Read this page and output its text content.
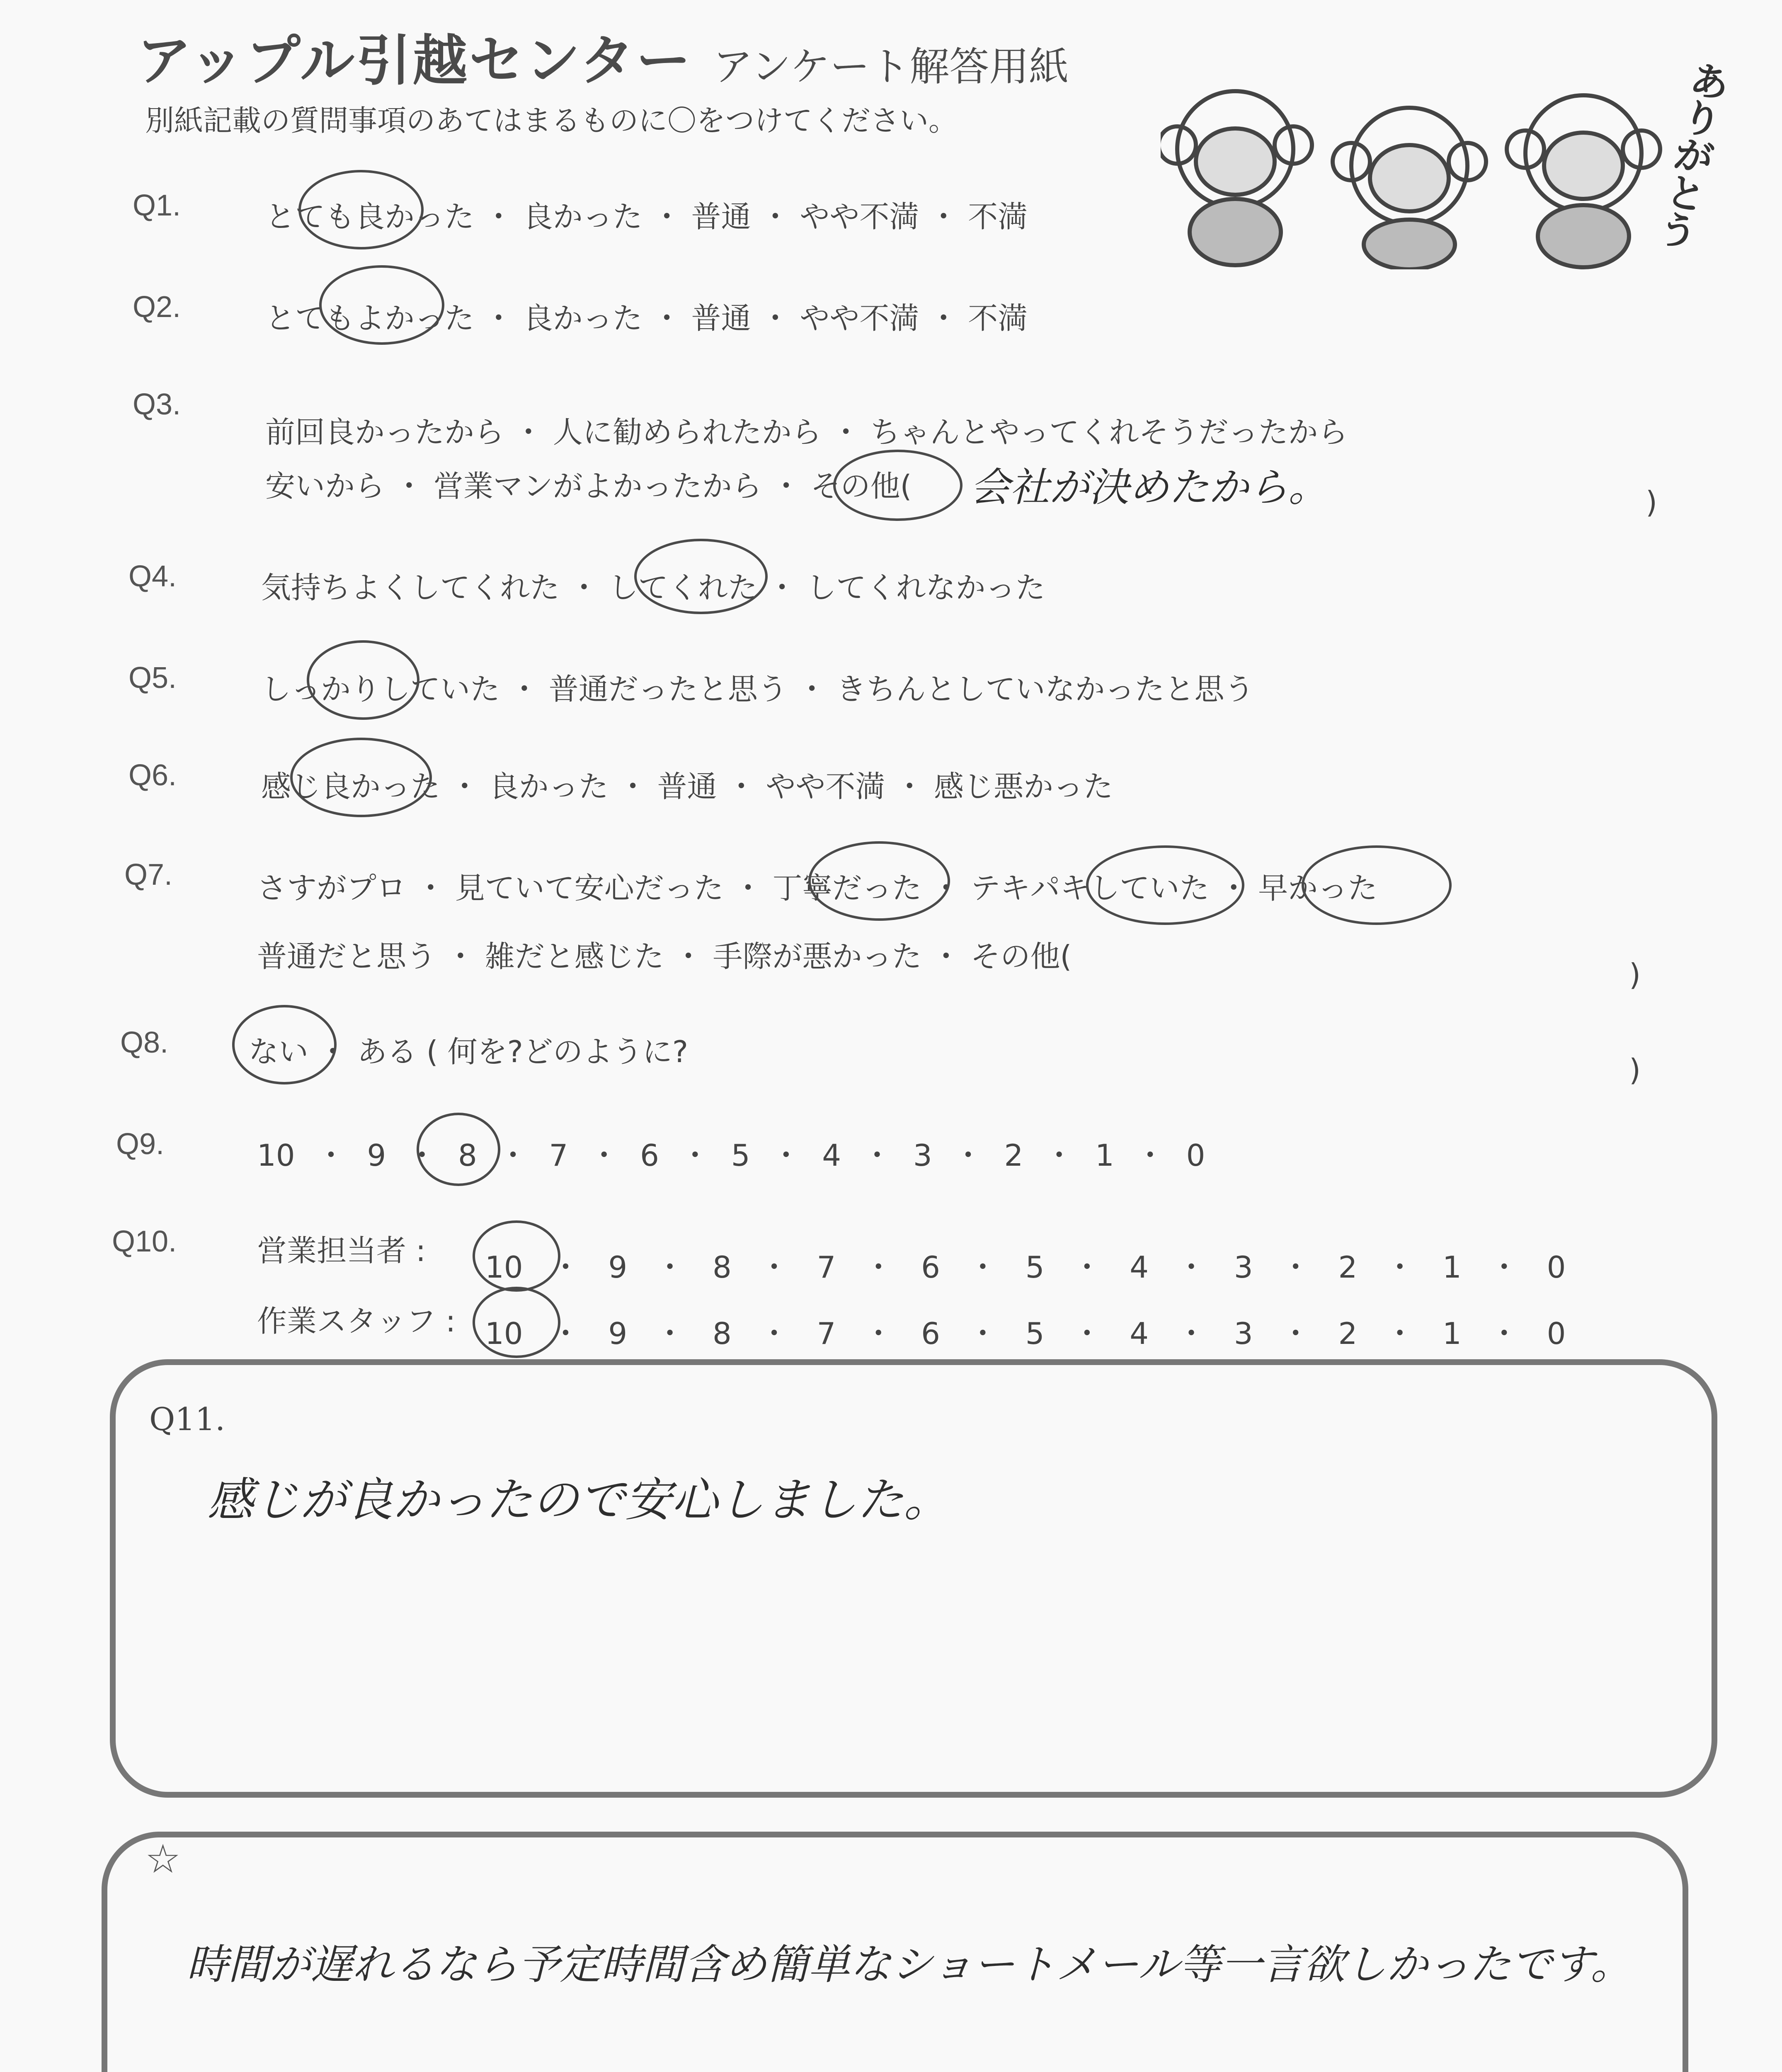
アップル引越センター アンケート解答用紙
別紙記載の質問事項のあてはまるものに〇をつけてください。
ありがとう
Q1.	とても良かった ・ 良かった ・ 普通 ・ やや不満 ・ 不満
Q2.	とてもよかった ・ 良かった ・ 普通 ・ やや不満 ・ 不満
Q3.
前回良かったから ・ 人に勧められたから ・ ちゃんとやってくれそうだったから
安いから ・ 営業マンがよかったから ・ その他( 会社が決めたから。	)
Q4.	気持ちよくしてくれた ・ してくれた ・ してくれなかった
Q5.	しっかりしていた ・ 普通だったと思う ・ きちんとしていなかったと思う
Q6.	感じ良かった ・ 良かった ・ 普通 ・ やや不満 ・ 感じ悪かった
Q7.	さすがプロ ・ 見ていて安心だった ・ 丁寧だった ・ テキパキしていた ・ 早かった
普通だと思う ・ 雑だと感じた ・ 手際が悪かった ・ その他(
)
Q8.	ない ・ ある ( 何を?どのように?
)
Q9.	10 ・ 9 ・ 8 ・ 7 ・ 6 ・ 5 ・ 4 ・ 3 ・ 2 ・ 1 ・ 0
Q10.	営業担当者 : 10 ・ 9 ・ 8 ・ 7 ・ 6 ・ 5 ・ 4 ・ 3 ・ 2 ・ 1 ・ 0
作業スタッフ : 10 ・ 9 ・ 8 ・ 7 ・ 6 ・ 5 ・ 4 ・ 3 ・ 2 ・ 1 ・ 0
Q11.
感じが良かったので安心しました。
☆
時間が遅れるなら予定時間含め簡単なショートメール等一言欲しかったです。
